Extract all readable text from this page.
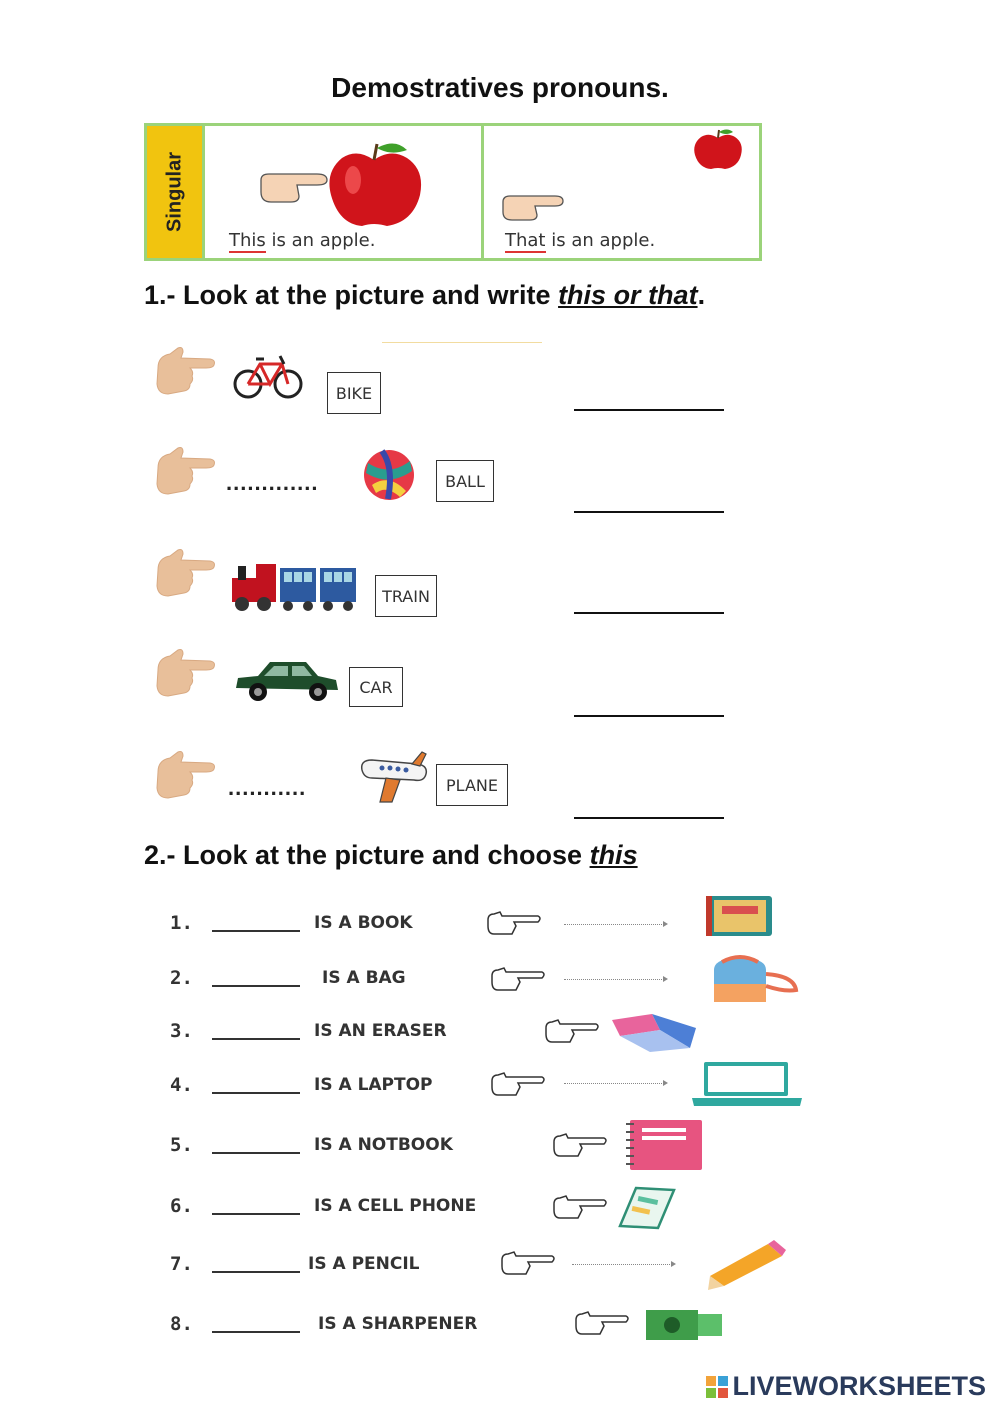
Demostratives pronouns.
Singular
This is an apple.	That is an apple.
1.- Look at the picture and write this or that.
BIKE
.............	BALL
TRAIN
CAR
...........	PLANE
2.- Look at the picture and choose this
1.	IS A BOOK
2.	IS A BAG
3.	IS AN ERASER
4.	IS A LAPTOP
5.	IS A NOTBOOK
6.	IS A CELL PHONE
7.	IS A PENCIL
8.	IS A SHARPENER
LIVEWORKSHEETS
